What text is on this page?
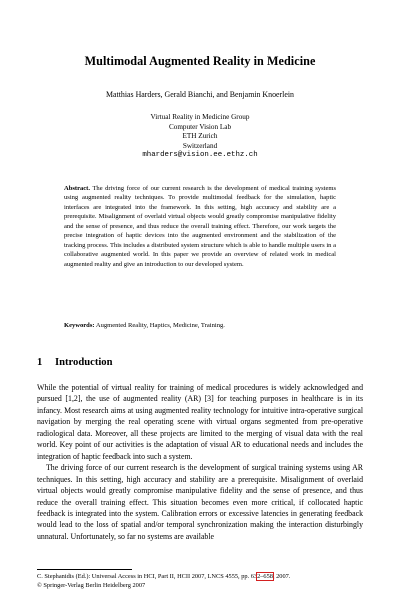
Multimodal Augmented Reality in Medicine
Matthias Harders, Gerald Bianchi, and Benjamin Knoerlein
Virtual Reality in Medicine Group
Computer Vision Lab
ETH Zurich
Switzerland
mharders@vision.ee.ethz.ch
Abstract. The driving force of our current research is the development of medical training systems using augmented reality techniques. To provide multimodal feedback for the simulation, haptic interfaces are integrated into the framework. In this setting, high accuracy and stability are a prerequisite. Misalignment of overlaid virtual objects would greatly compromise manipulative fidelity and the sense of presence, and thus reduce the overall training effect. Therefore, our work targets the precise integration of haptic devices into the augmented environment and the stabilization of the tracking process. This includes a distributed system structure which is able to handle multiple users in a collaborative augmented world. In this paper we provide an overview of related work in medical augmented reality and give an introduction to our developed system.
Keywords: Augmented Reality, Haptics, Medicine, Training.
1 Introduction

While the potential of virtual reality for training of medical procedures is widely acknowledged and pursued [1,2], the use of augmented reality (AR) [3] for teaching purposes in healthcare is in its infancy. Most research aims at using augmented reality technology for intuitive intra-operative surgical navigation by merging the real operating scene with virtual organs segmented from pre-operative radiological data. Moreover, all these projects are limited to the merging of visual data with the real world. Key point of our activities is the adaptation of visual AR to educational needs and includes the integration of haptic feedback into such a system.

The driving force of our current research is the development of surgical training systems using AR techniques. In this setting, high accuracy and stability are a prerequisite. Misalignment of overlaid virtual objects would greatly compromise manipulative fidelity and the sense of presence, and thus reduce the overall training effect. This situation becomes even more critical, if collocated haptic feedback is integrated into the system. Calibration errors or excessive latencies in generating feedback would lead to the loss of spatial and/or temporal synchronization making the interaction disturbingly unnatural. Unfortunately, so far no systems are available

C. Stephanidis (Ed.): Universal Access in HCI, Part II, HCII 2007, LNCS 4555, pp. 632–658, 2007.
© Springer-Verlag Berlin Heidelberg 2007
